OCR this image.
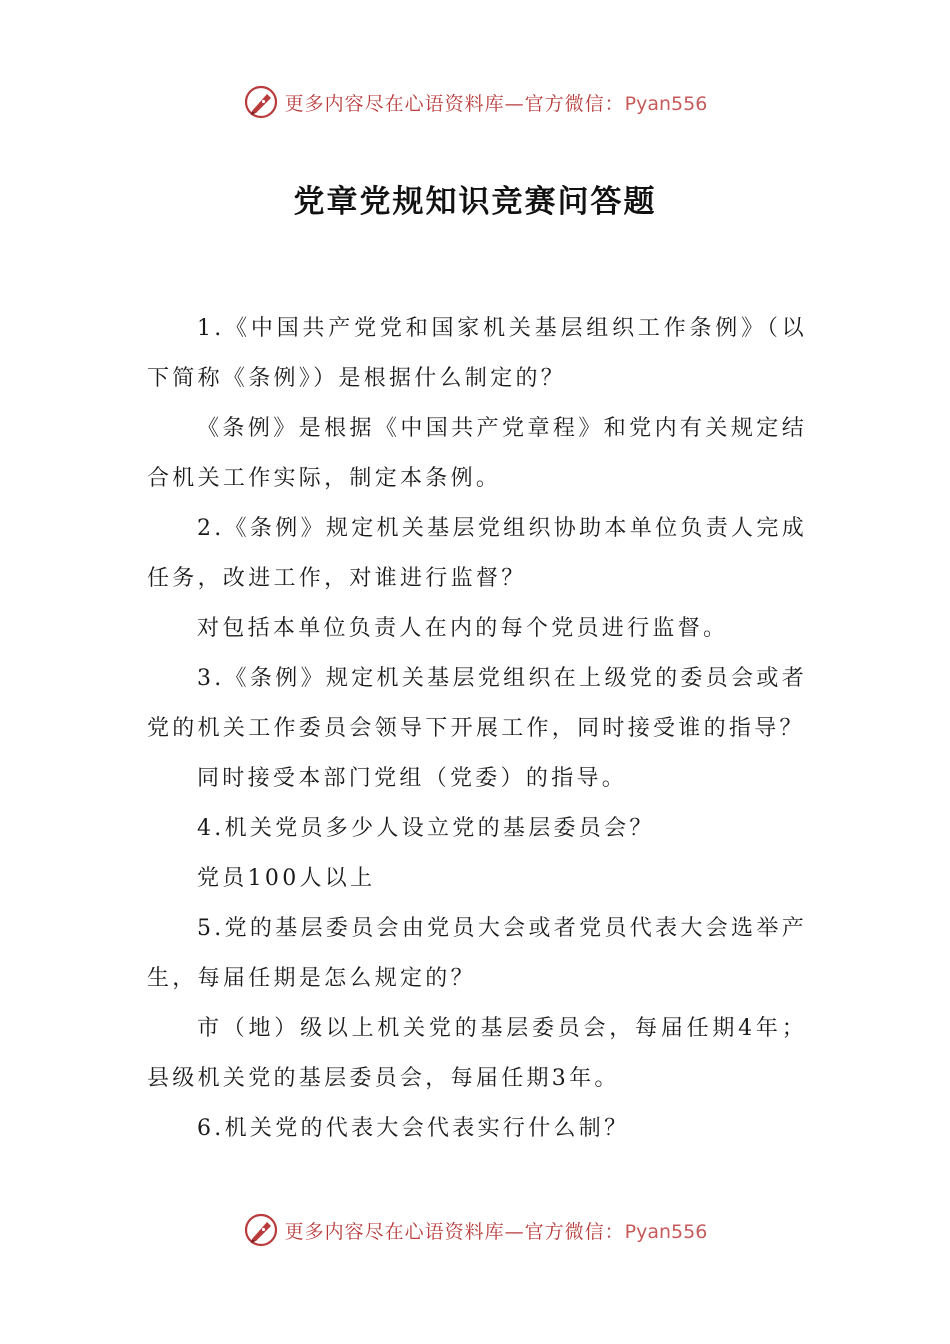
更多内容尽在心语资料库—官方微信：Pyan556
党章党规知识竞赛问答题

1.《中国共产党党和国家机关基层组织工作条例》（以下简称《条例》）是根据什么制定的？

《条例》是根据《中国共产党章程》和党内有关规定结合机关工作实际，制定本条例。

2.《条例》规定机关基层党组织协助本单位负责人完成任务，改进工作，对谁进行监督？

对包括本单位负责人在内的每个党员进行监督。

3.《条例》规定机关基层党组织在上级党的委员会或者党的机关工作委员会领导下开展工作，同时接受谁的指导？

同时接受本部门党组（党委）的指导。

4.机关党员多少人设立党的基层委员会？

党员100人以上

5.党的基层委员会由党员大会或者党员代表大会选举产生，每届任期是怎么规定的？

市（地）级以上机关党的基层委员会，每届任期4年；县级机关党的基层委员会，每届任期3年。

6.机关党的代表大会代表实行什么制？

更多内容尽在心语资料库—官方微信：Pyan556
